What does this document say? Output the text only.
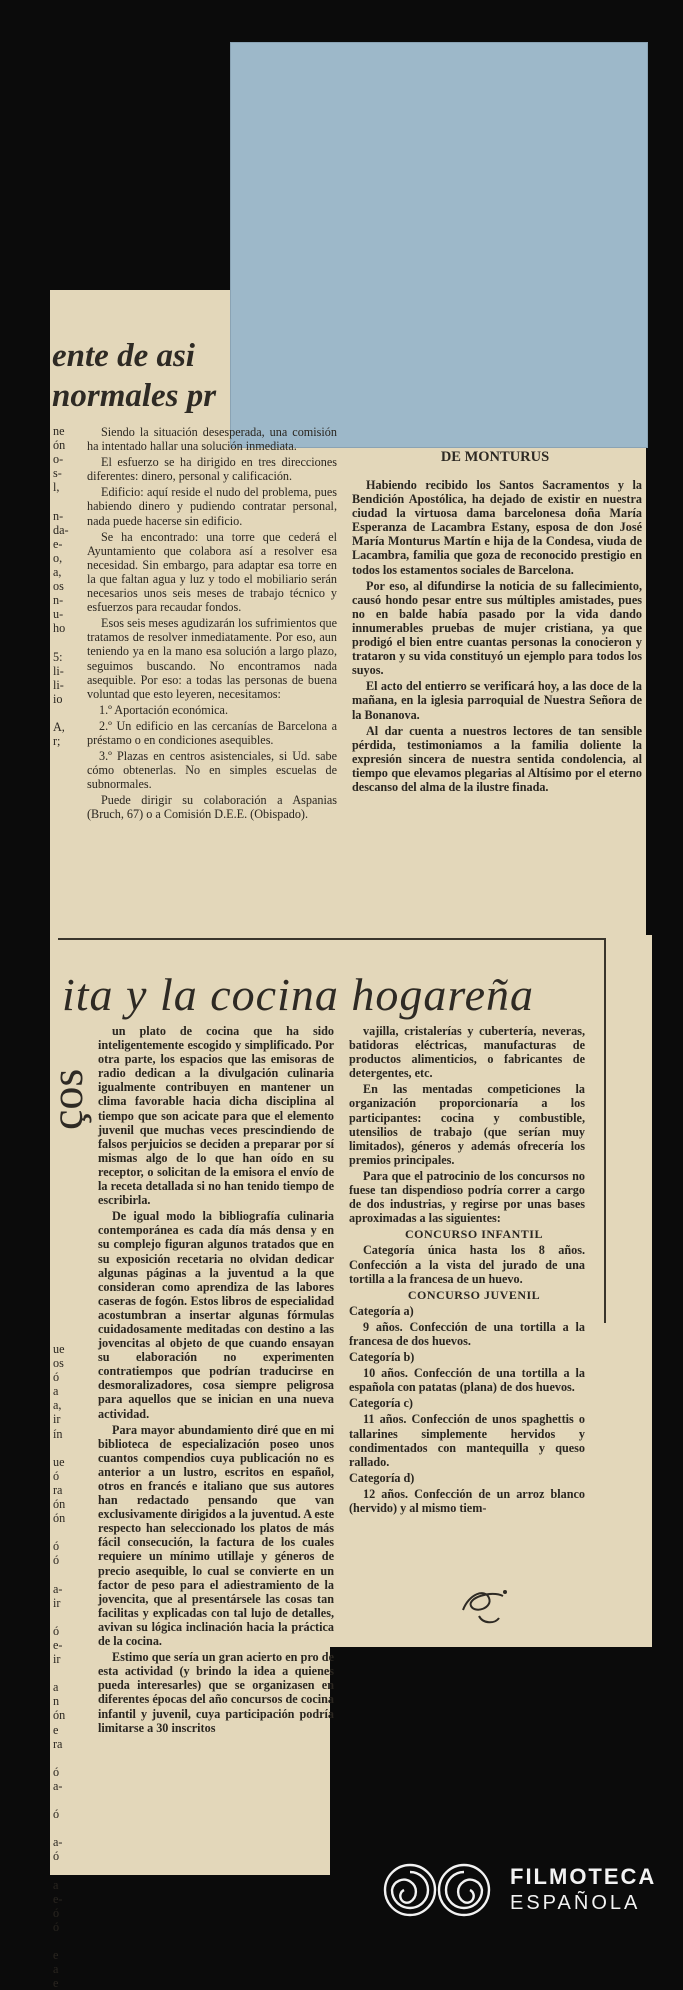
ente de asi
normales pr
ne
ón
o-
s-
l,
n-
da-
e-
o,
a,
os
n-
u-
ho
5:
li-
li-
io
A,
r;

Siendo la situación desesperada, una comisión ha intentado hallar una solución inmediata.

El esfuerzo se ha dirigido en tres direcciones diferentes: dinero, personal y calificación.

Edificio: aquí reside el nudo del problema, pues habiendo dinero y pudiendo contratar personal, nada puede hacerse sin edificio.

Se ha encontrado: una torre que cederá el Ayuntamiento que colabora así a resolver esa necesidad. Sin embargo, para adaptar esa torre en la que faltan agua y luz y todo el mobiliario serán necesarios unos seis meses de trabajo técnico y esfuerzos para recaudar fondos.

Esos seis meses agudizarán los sufrimientos que tratamos de resolver inmediatamente. Por eso, aun teniendo ya en la mano esa solución a largo plazo, seguimos buscando. No encontramos nada asequible. Por eso: a todas las personas de buena voluntad que esto leyeren, necesitamos:

1.º Aportación económica.

2.º Un edificio en las cercanías de Barcelona a préstamo o en condiciones asequibles.

3.º Plazas en centros asistenciales, si Ud. sabe cómo obtenerlas. No en simples escuelas de subnormales.

Puede dirigir su colaboración a Aspanias (Bruch, 67) o a Comisión D.E.E. (Obispado).

DE MONTURUS

Habiendo recibido los Santos Sacramentos y la Bendición Apostólica, ha dejado de existir en nuestra ciudad la virtuosa dama barcelonesa doña María Esperanza de Lacambra Estany, esposa de don José María Monturus Martín e hija de la Condesa, viuda de Lacambra, familia que goza de reconocido prestigio en todos los estamentos sociales de Barcelona.

Por eso, al difundirse la noticia de su fallecimiento, causó hondo pesar entre sus múltiples amistades, pues no en balde había pasado por la vida dando innumerables pruebas de mujer cristiana, ya que prodigó el bien entre cuantas personas la conocieron y trataron y su vida constituyó un ejemplo para todos los suyos.

El acto del entierro se verificará hoy, a las doce de la mañana, en la iglesia parroquial de Nuestra Señora de la Bonanova.

Al dar cuenta a nuestros lectores de tan sensible pérdida, testimoniamos a la familia doliente la expresión sincera de nuestra sentida condolencia, al tiempo que elevamos plegarias al Altísimo por el eterno descanso del alma de la ilustre finada.

ita y la cocina hogareña
ços
ue
os
ó
a
a,
ir
ín
ue
ó
ra
ón
ón
ó
ó
a-
ir
ó
e-
ir
a
n
ón
e
ra
ó
a-
ó
a-
ó
a
e-
ó
ó
e
a
e

un plato de cocina que ha sido inteligentemente escogido y simplificado. Por otra parte, los espacios que las emisoras de radio dedican a la divulgación culinaria igualmente contribuyen en mantener un clima favorable hacia dicha disciplina al tiempo que son acicate para que el elemento juvenil que muchas veces prescindiendo de falsos perjuicios se deciden a preparar por sí mismas algo de lo que han oído en su receptor, o solicitan de la emisora el envío de la receta detallada si no han tenido tiempo de escribirla.

De igual modo la bibliografía culinaria contemporánea es cada día más densa y en su complejo figuran algunos tratados que en su exposición recetaria no olvidan dedicar algunas páginas a la juventud a la que consideran como aprendiza de las labores caseras de fogón. Estos libros de especialidad acostumbran a insertar algunas fórmulas cuidadosamente meditadas con destino a las jovencitas al objeto de que cuando ensayan su elaboración no experimenten contratiempos que podrían traducirse en desmoralizadores, cosa siempre peligrosa para aquellos que se inician en una nueva actividad.

Para mayor abundamiento diré que en mi biblioteca de especialización poseo unos cuantos compendios cuya publicación no es anterior a un lustro, escritos en español, otros en francés e italiano que sus autores han redactado pensando que van exclusivamente dirigidos a la juventud. A este respecto han seleccionado los platos de más fácil consecución, la factura de los cuales requiere un mínimo utillaje y géneros de precio asequible, lo cual se convierte en un factor de peso para el adiestramiento de la jovencita, que al presentársele las cosas tan facilitas y explicadas con tal lujo de detalles, avivan su lógica inclinación hacia la práctica de la cocina.

Estimo que sería un gran acierto en pro de esta actividad (y brindo la idea a quienes pueda interesarles) que se organizasen en diferentes épocas del año concursos de cocina infantil y juvenil, cuya participación podría limitarse a 30 inscritos

vajilla, cristalerías y cubertería, neveras, batidoras eléctricas, manufacturas de productos alimenticios, o fabricantes de detergentes, etc.

En las mentadas competiciones la organización proporcionaría a los participantes: cocina y combustible, utensilios de trabajo (que serían muy limitados), géneros y además ofrecería los premios principales.

Para que el patrocinio de los concursos no fuese tan dispendioso podría correr a cargo de dos industrias, y regirse por unas bases aproximadas a las siguientes:

CONCURSO INFANTIL

Categoría única hasta los 8 años. Confección a la vista del jurado de una tortilla a la francesa de un huevo.

CONCURSO JUVENIL

Categoría a)

9 años. Confección de una tortilla a la francesa de dos huevos.

Categoría b)

10 años. Confección de una tortilla a la española con patatas (plana) de dos huevos.

Categoría c)

11 años. Confección de unos spaghettis o tallarines simplemente hervidos y condimentados con mantequilla y queso rallado.

Categoría d)

12 años. Confección de un arroz blanco (hervido) y al mismo tiem-

FILMOTECA
ESPAÑOLA
